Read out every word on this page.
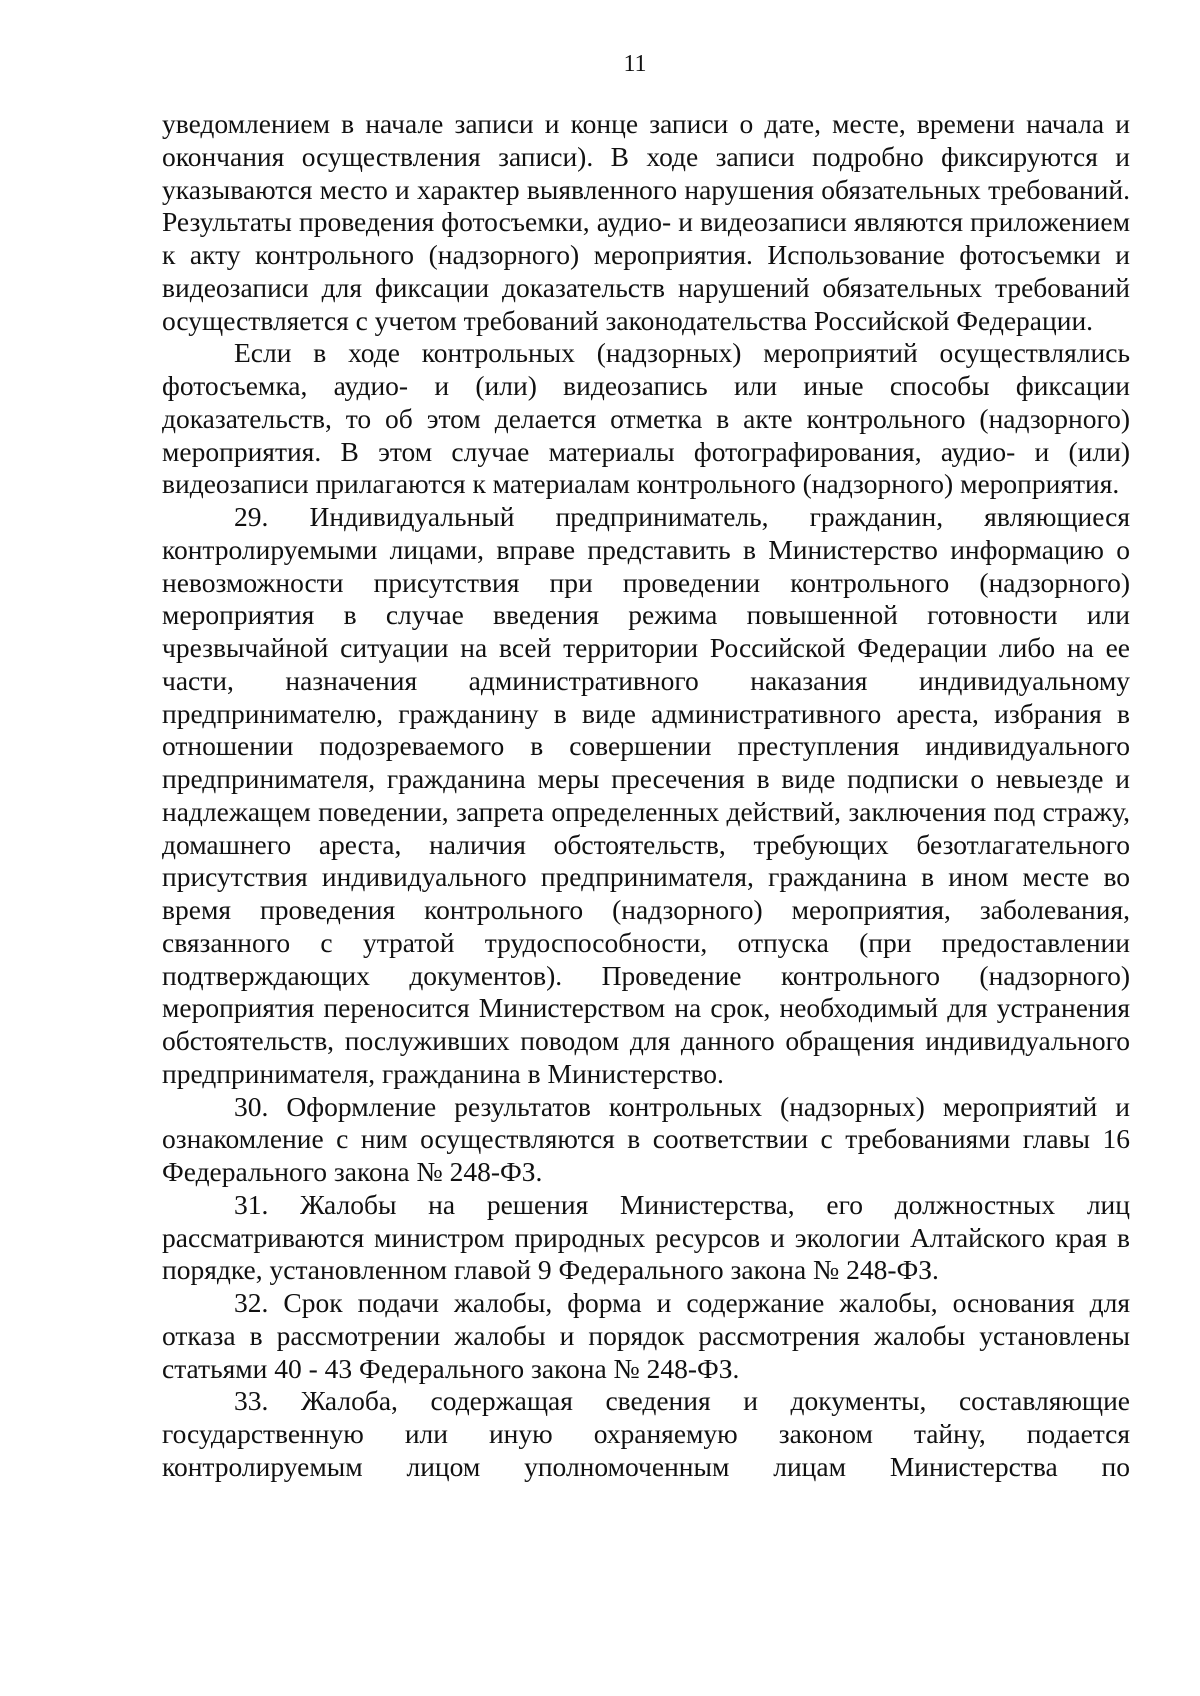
11

уведомлением в начале записи и конце записи о дате, месте, времени начала и окончания осуществления записи). В ходе записи подробно фиксируются и указываются место и характер выявленного нарушения обязательных требований. Результаты проведения фотосъемки, аудио- и видеозаписи являются приложением к акту контрольного (надзорного) мероприятия. Использование фотосъемки и видеозаписи для фиксации доказательств нарушений обязательных требований осуществляется с учетом требований законодательства Российской Федерации.

Если в ходе контрольных (надзорных) мероприятий осуществлялись фотосъемка, аудио- и (или) видеозапись или иные способы фиксации доказательств, то об этом делается отметка в акте контрольного (надзорного) мероприятия. В этом случае материалы фотографирования, аудио- и (или) видеозаписи прилагаются к материалам контрольного (надзорного) мероприятия.

29. Индивидуальный предприниматель, гражданин, являющиеся контролируемыми лицами, вправе представить в Министерство информацию о невозможности присутствия при проведении контрольного (надзорного) мероприятия в случае введения режима повышенной готовности или чрезвычайной ситуации на всей территории Российской Федерации либо на ее части, назначения административного наказания индивидуальному предпринимателю, гражданину в виде административного ареста, избрания в отношении подозреваемого в совершении преступления индивидуального предпринимателя, гражданина меры пресечения в виде подписки о невыезде и надлежащем поведении, запрета определенных действий, заключения под стражу, домашнего ареста, наличия обстоятельств, требующих безотлагательного присутствия индивидуального предпринимателя, гражданина в ином месте во время проведения контрольного (надзорного) мероприятия, заболевания, связанного с утратой трудоспособности, отпуска (при предоставлении подтверждающих документов). Проведение контрольного (надзорного) мероприятия переносится Министерством на срок, необходимый для устранения обстоятельств, послуживших поводом для данного обращения индивидуального предпринимателя, гражданина в Министерство.

30. Оформление результатов контрольных (надзорных) мероприятий и ознакомление с ним осуществляются в соответствии с требованиями главы 16 Федерального закона № 248-ФЗ.

31. Жалобы на решения Министерства, его должностных лиц рассматриваются министром природных ресурсов и экологии Алтайского края в порядке, установленном главой 9 Федерального закона № 248-ФЗ.

32. Срок подачи жалобы, форма и содержание жалобы, основания для отказа в рассмотрении жалобы и порядок рассмотрения жалобы установлены статьями 40 - 43 Федерального закона № 248-ФЗ.

33. Жалоба, содержащая сведения и документы, составляющие государственную или иную охраняемую законом тайну, подается контролируемым лицом уполномоченным лицам Министерства по
